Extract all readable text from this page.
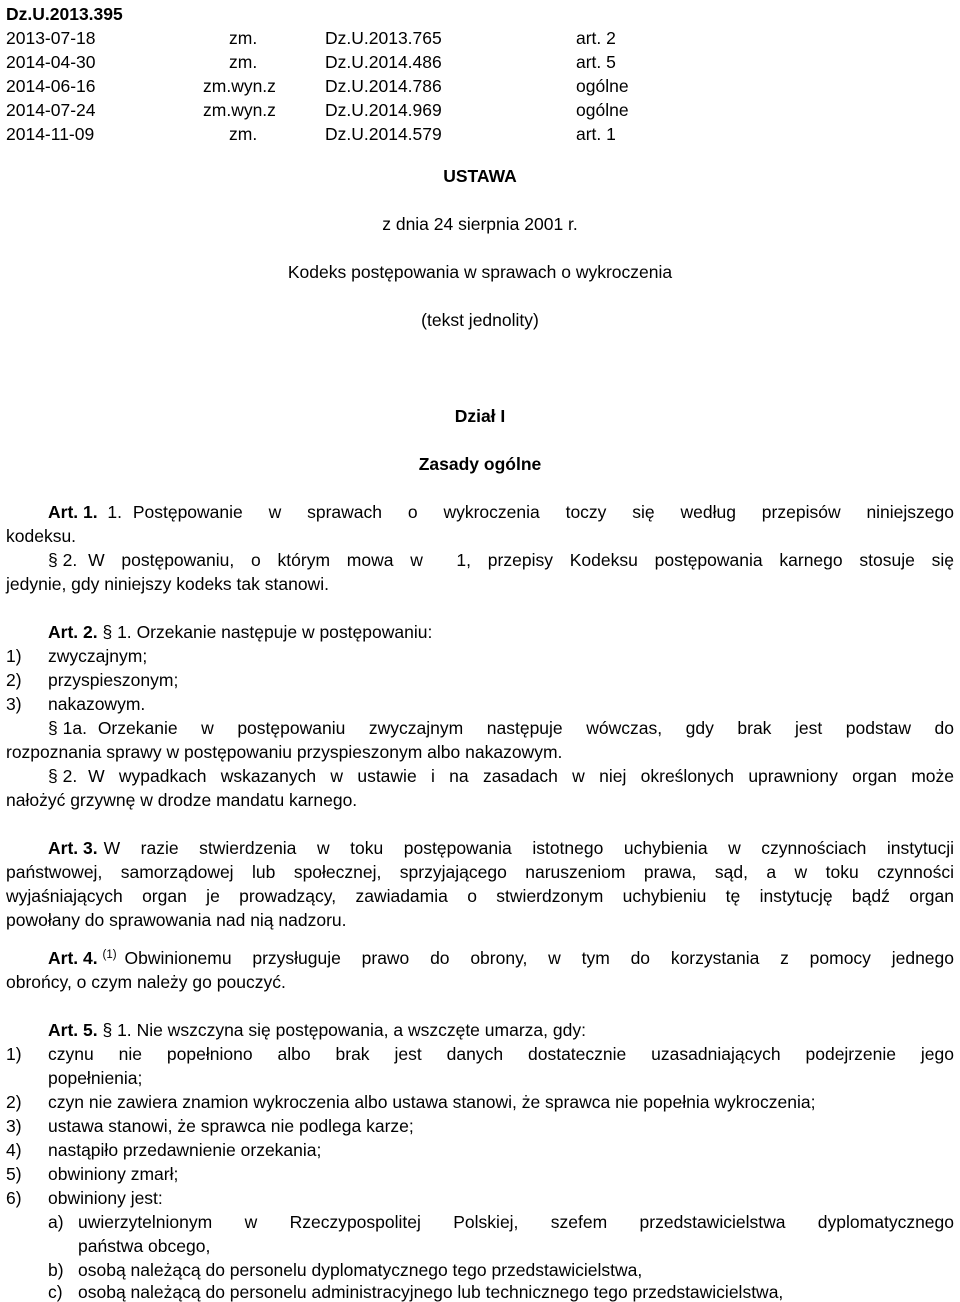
Dz.U.2013.395
2013-07-18	zm.	Dz.U.2013.765	art. 2
2014-04-30	zm.	Dz.U.2014.486	art. 5
2014-06-16	zm.wyn.z	Dz.U.2014.786	ogólne
2014-07-24	zm.wyn.z	Dz.U.2014.969	ogólne
2014-11-09	zm.	Dz.U.2014.579	art. 1
USTAWA
z dnia 24 sierpnia 2001 r.
Kodeks postępowania w sprawach o wykroczenia
(tekst jednolity)
Dział I
Zasady ogólne
Art. 1. 1. Postępowanie w sprawach o wykroczenia toczy się według przepisów niniejszego
kodeksu.
§ 2. W postępowaniu, o którym mowa w  1, przepisy Kodeksu postępowania karnego stosuje się
jedynie, gdy niniejszy kodeks tak stanowi.
Art. 2. § 1. Orzekanie następuje w postępowaniu:
1) zwyczajnym;
2) przyspieszonym;
3) nakazowym.
§ 1a. Orzekanie w postępowaniu zwyczajnym następuje wówczas, gdy brak jest podstaw do
rozpoznania sprawy w postępowaniu przyspieszonym albo nakazowym.
§ 2. W wypadkach wskazanych w ustawie i na zasadach w niej określonych uprawniony organ może
nałożyć grzywnę w drodze mandatu karnego.
Art. 3. W razie stwierdzenia w toku postępowania istotnego uchybienia w czynnościach instytucji
państwowej, samorządowej lub społecznej, sprzyjającego naruszeniom prawa, sąd, a w toku czynności
wyjaśniających organ je prowadzący, zawiadamia o stwierdzonym uchybieniu tę instytucję bądź organ
powołany do sprawowania nad nią nadzoru.
Art. 4. $^{(1)}$ Obwinionemu przysługuje prawo do obrony, w tym do korzystania z pomocy jednego
obrońcy, o czym należy go pouczyć.
Art. 5. § 1. Nie wszczyna się postępowania, a wszczęte umarza, gdy:
1) czynu nie popełniono albo brak jest danych dostatecznie uzasadniających podejrzenie jego
popełnienia;
2) czyn nie zawiera znamion wykroczenia albo ustawa stanowi, że sprawca nie popełnia wykroczenia;
3) ustawa stanowi, że sprawca nie podlega karze;
4) nastąpiło przedawnienie orzekania;
5) obwiniony zmarł;
6) obwiniony jest:
a) uwierzytelnionym w Rzeczypospolitej Polskiej, szefem przedstawicielstwa dyplomatycznego
państwa obcego,
b) osobą należącą do personelu dyplomatycznego tego przedstawicielstwa,
c) osobą należącą do personelu administracyjnego lub technicznego tego przedstawicielstwa,
